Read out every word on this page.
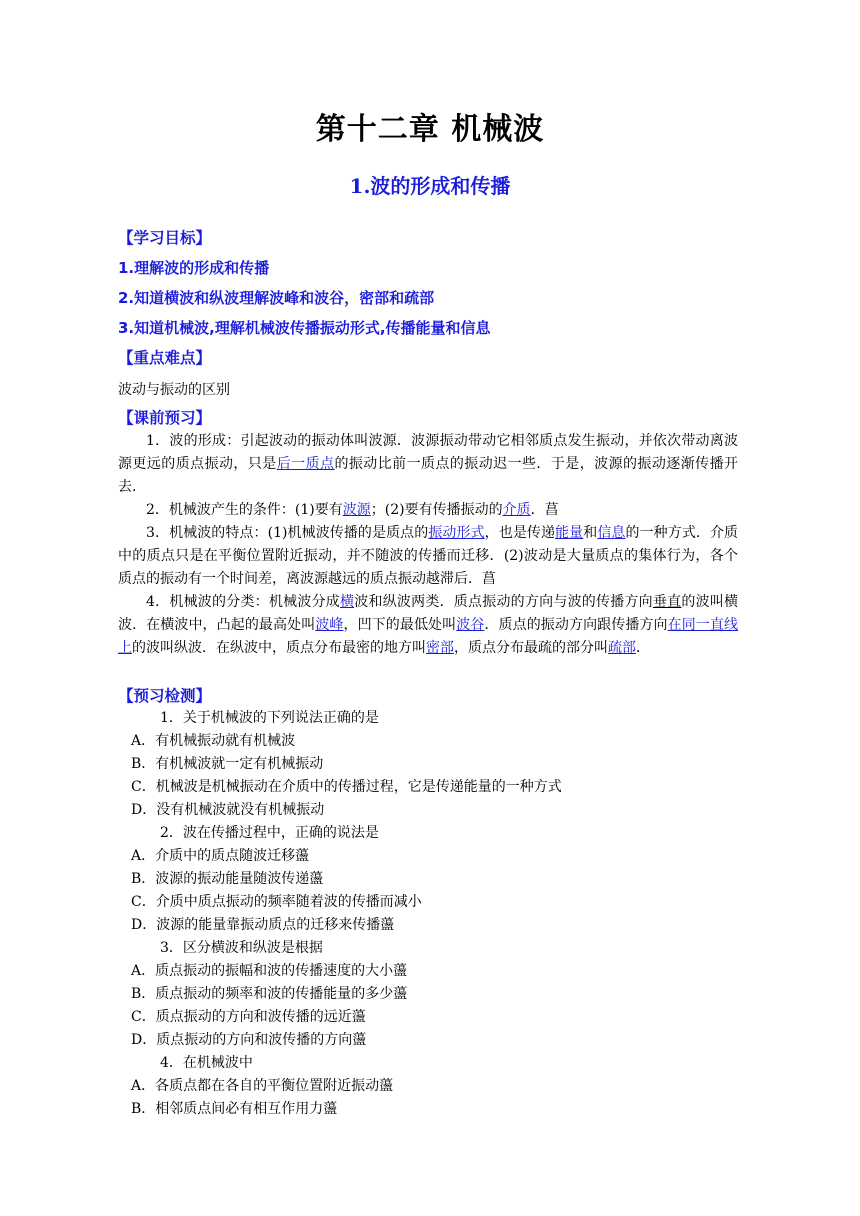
第十二章 机械波
1.波的形成和传播
【学习目标】
1.理解波的形成和传播
2.知道横波和纵波理解波峰和波谷，密部和疏部
3.知道机械波,理解机械波传播振动形式,传播能量和信息
【重点难点】
波动与振动的区别
【课前预习】
1．波的形成：引起波动的振动体叫波源．波源振动带动它相邻质点发生振动，并依次带动离波源更远的质点振动，只是后一质点的振动比前一质点的振动迟一些．于是，波源的振动逐渐传播开去．
2．机械波产生的条件：(1)要有波源；(2)要有传播振动的介质．菖
3．机械波的特点：(1)机械波传播的是质点的振动形式，也是传递能量和信息的一种方式．介质中的质点只是在平衡位置附近振动，并不随波的传播而迁移．(2)波动是大量质点的集体行为，各个质点的振动有一个时间差，离波源越远的质点振动越滞后．菖
4．机械波的分类：机械波分成横波和纵波两类．质点振动的方向与波的传播方向垂直的波叫横波．在横波中，凸起的最高处叫波峰，凹下的最低处叫波谷．质点的振动方向跟传播方向在同一直线上的波叫纵波．在纵波中，质点分布最密的地方叫密部，质点分布最疏的部分叫疏部．
【预习检测】
1．关于机械波的下列说法正确的是
A．有机械振动就有机械波
B．有机械波就一定有机械振动
C．机械波是机械振动在介质中的传播过程，它是传递能量的一种方式
D．没有机械波就没有机械振动
2．波在传播过程中，正确的说法是
A．介质中的质点随波迁移蘯
B．波源的振动能量随波传递蘯
C．介质中质点振动的频率随着波的传播而减小
D．波源的能量靠振动质点的迁移来传播蘯
3．区分横波和纵波是根据
A．质点振动的振幅和波的传播速度的大小蘯
B．质点振动的频率和波的传播能量的多少蘯
C．质点振动的方向和波传播的远近蘯
D．质点振动的方向和波传播的方向蘯
4．在机械波中
A．各质点都在各自的平衡位置附近振动蘯
B．相邻质点间必有相互作用力蘯
